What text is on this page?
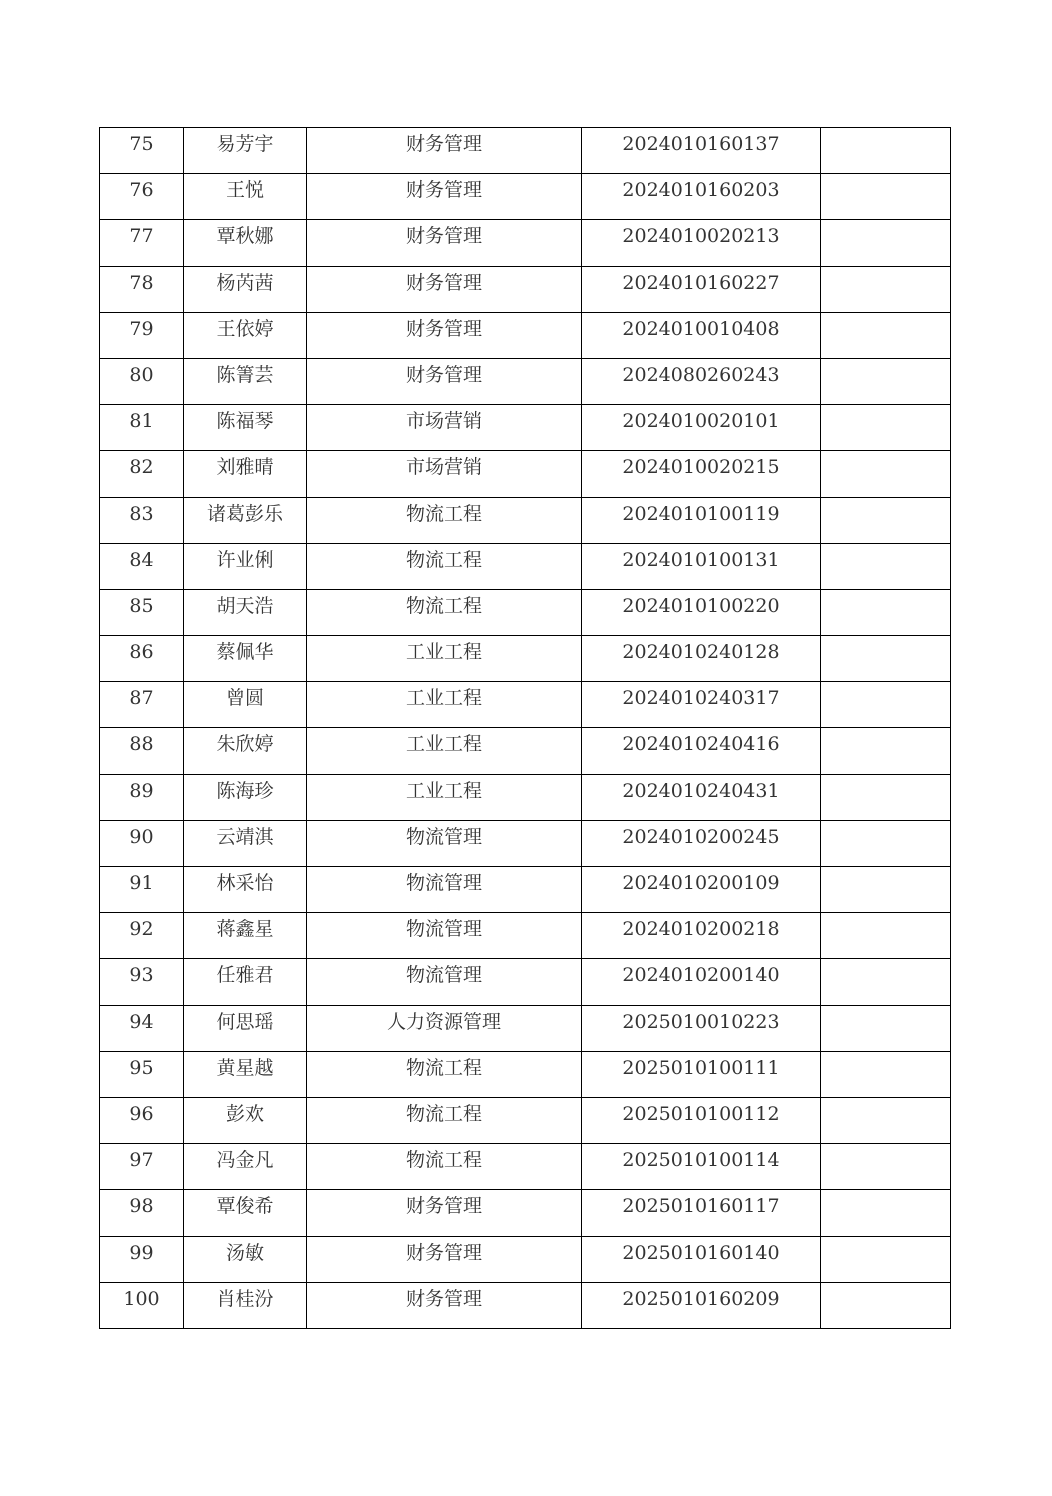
75	易芳宇	财务管理	2024010160137	
76	王悦	财务管理	2024010160203	
77	覃秋娜	财务管理	2024010020213	
78	杨芮茜	财务管理	2024010160227	
79	王依婷	财务管理	2024010010408	
80	陈箐芸	财务管理	2024080260243	
81	陈福琴	市场营销	2024010020101	
82	刘雅晴	市场营销	2024010020215	
83	诸葛彭乐	物流工程	2024010100119	
84	许业俐	物流工程	2024010100131	
85	胡天浩	物流工程	2024010100220	
86	蔡佩华	工业工程	2024010240128	
87	曾圆	工业工程	2024010240317	
88	朱欣婷	工业工程	2024010240416	
89	陈海珍	工业工程	2024010240431	
90	云靖淇	物流管理	2024010200245	
91	林采怡	物流管理	2024010200109	
92	蒋鑫星	物流管理	2024010200218	
93	任雅君	物流管理	2024010200140	
94	何思瑶	人力资源管理	2025010010223	
95	黄星越	物流工程	2025010100111	
96	彭欢	物流工程	2025010100112	
97	冯金凡	物流工程	2025010100114	
98	覃俊希	财务管理	2025010160117	
99	汤敏	财务管理	2025010160140	
100	肖桂汾	财务管理	2025010160209	
